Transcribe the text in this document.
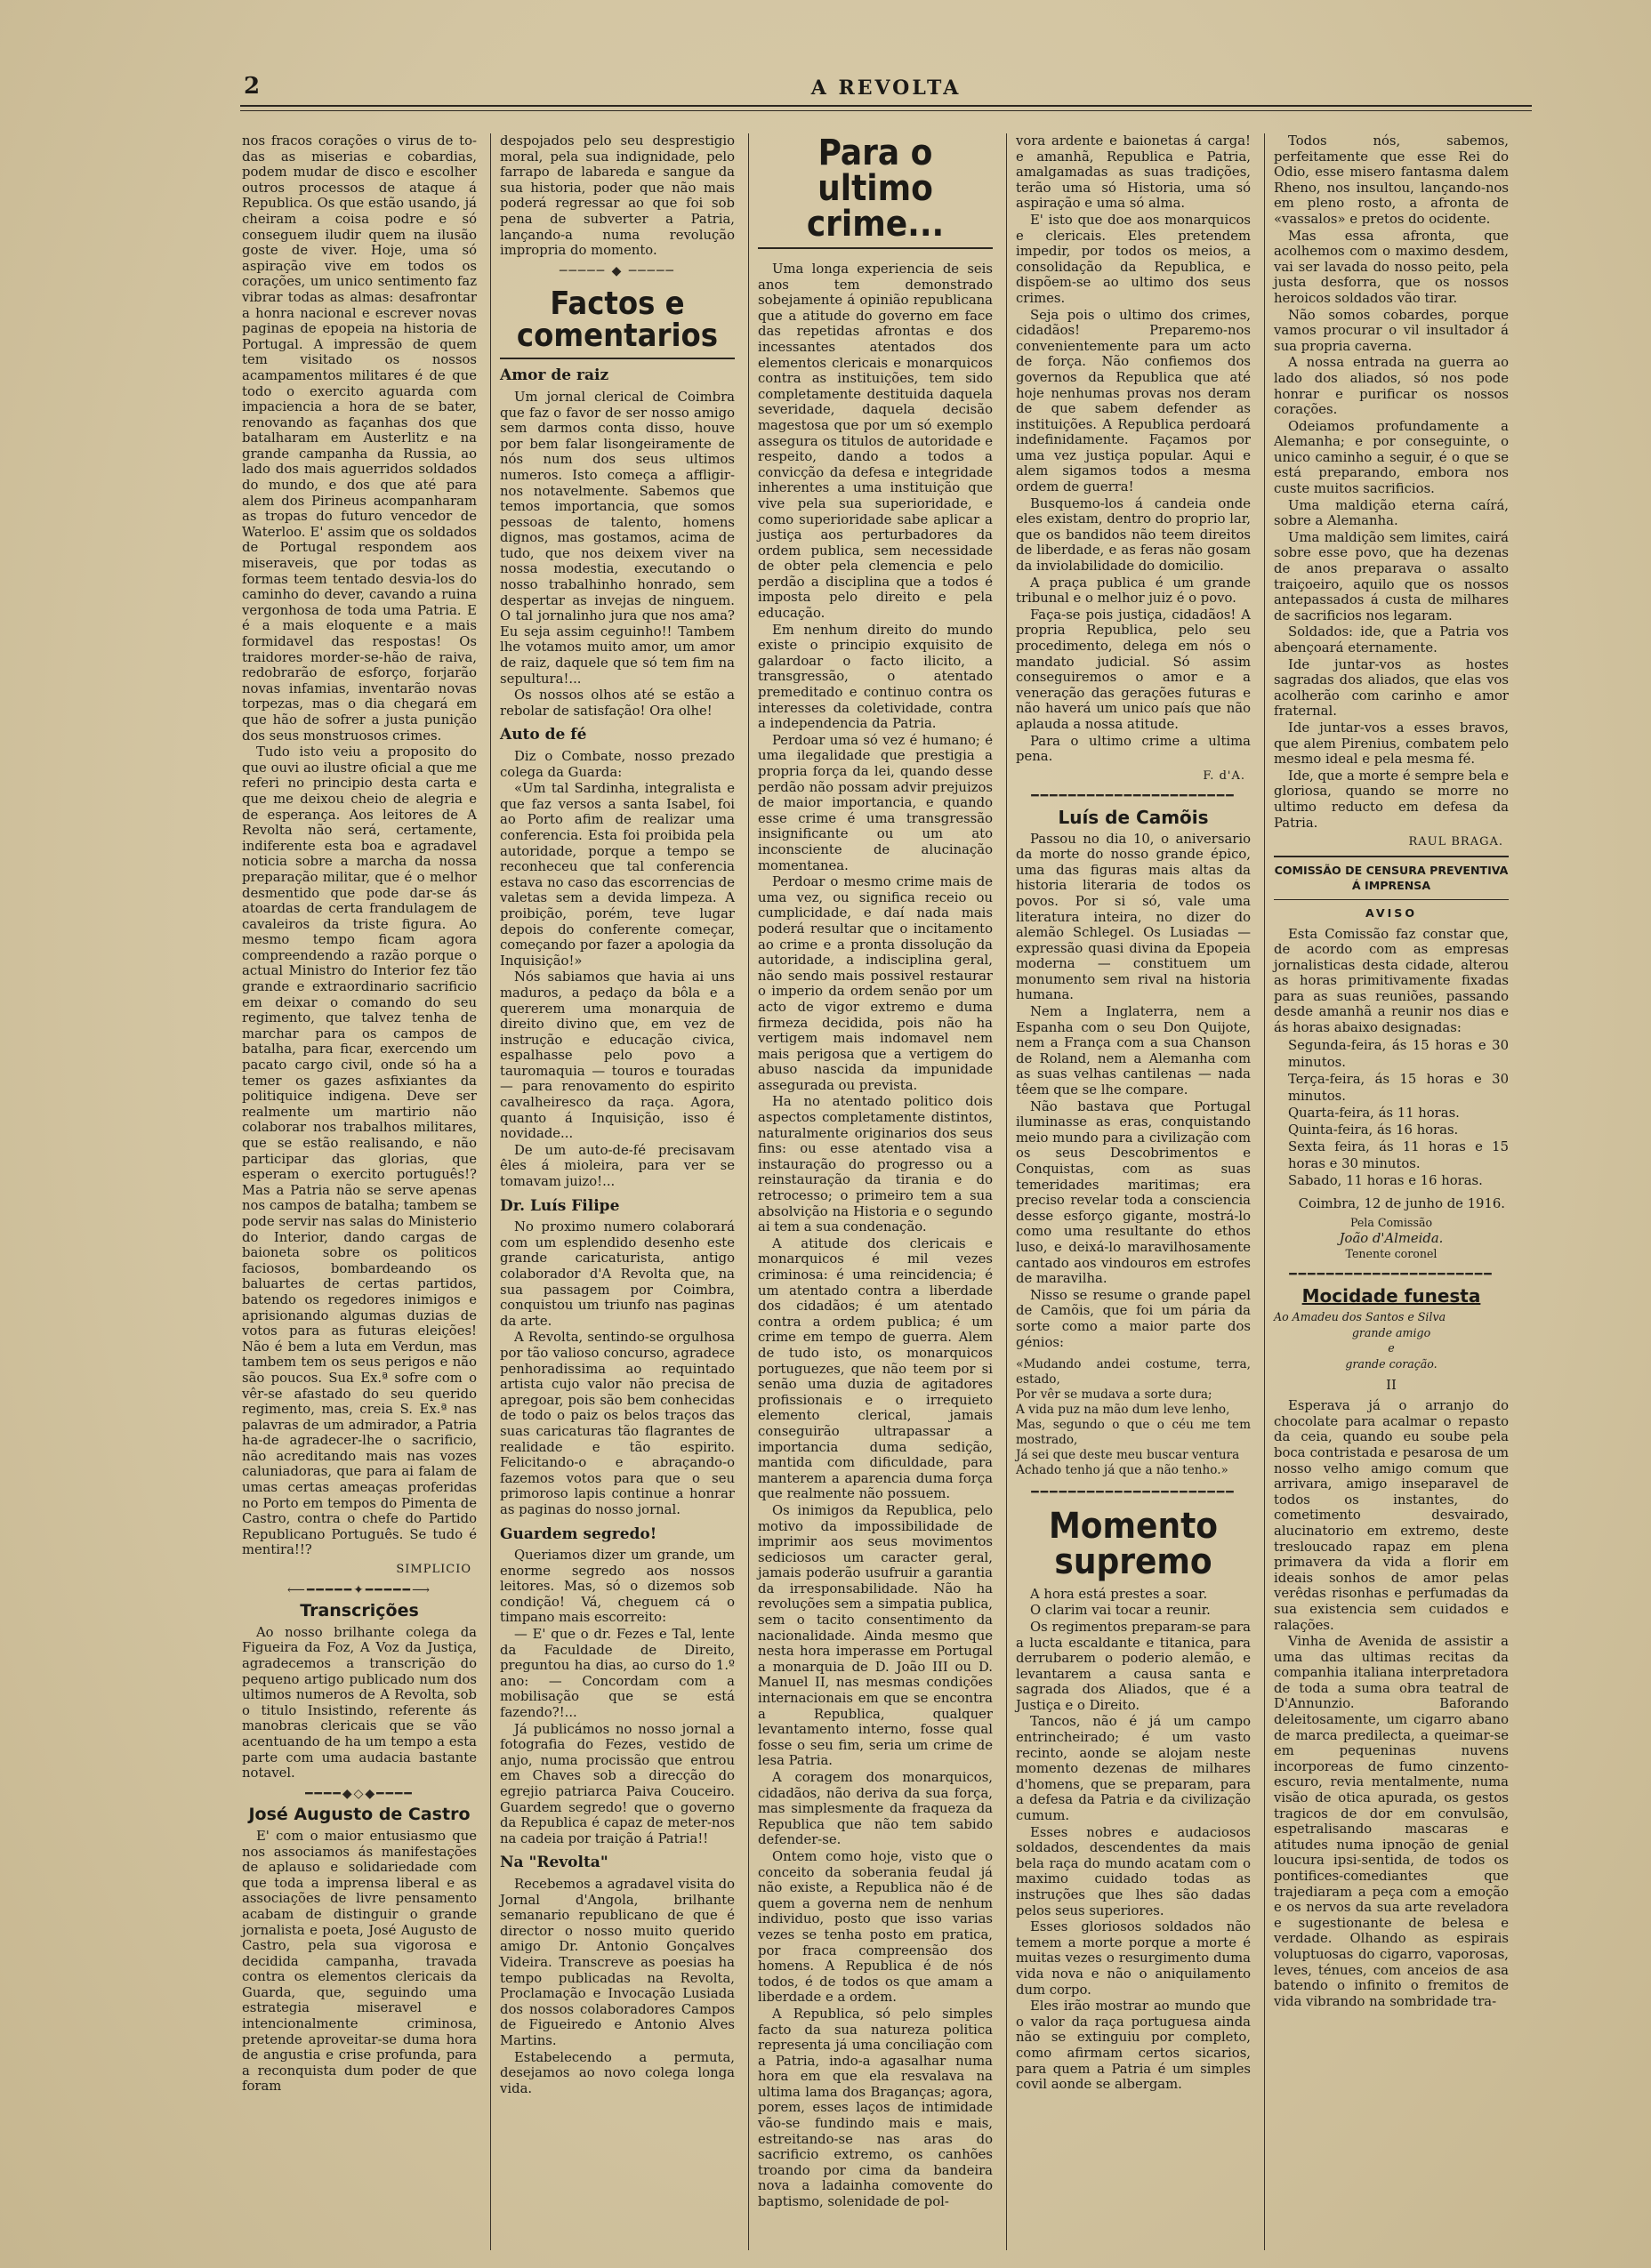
2	A REVOLTA

nos fracos corações o virus de to-das as miserias e cobardias, podem mudar de disco e escolher outros processos de ataque á Republica. Os que estão usando, já cheiram a coisa podre e só conseguem iludir quem na ilusão goste de viver. Hoje, uma só aspiração vive em todos os corações, um unico sentimento faz vibrar todas as almas: desafrontar a honra nacional e escrever novas paginas de epopeia na historia de Portugal. A impressão de quem tem visitado os nossos acampamentos militares é de que todo o exercito aguarda com impaciencia a hora de se bater, renovando as façanhas dos que batalharam em Austerlitz e na grande campanha da Russia, ao lado dos mais aguerridos soldados do mundo, e dos que até para alem dos Pirineus acompanharam as tropas do futuro vencedor de Waterloo. E' assim que os soldados de Portugal respondem aos miseraveis, que por todas as formas teem tentado desvia-los do caminho do dever, cavando a ruina vergonhosa de toda uma Patria. E é a mais eloquente e a mais formidavel das respostas! Os traidores morder-se-hão de raiva, redobrarão de esforço, forjarão novas infamias, inventarão novas torpezas, mas o dia chegará em que hão de sofrer a justa punição dos seus monstruosos crimes.

Tudo isto veiu a proposito do que ouvi ao ilustre oficial a que me referi no principio desta carta e que me deixou cheio de alegria e de esperança. Aos leitores de A Revolta não será, certamente, indiferente esta boa e agradavel noticia sobre a marcha da nossa preparação militar, que é o melhor desmentido que pode dar-se ás atoardas de certa frandulagem de cavaleiros da triste figura. Ao mesmo tempo ficam agora compreendendo a razão porque o actual Ministro do Interior fez tão grande e extraordinario sacrificio em deixar o comando do seu regimento, que talvez tenha de marchar para os campos de batalha, para ficar, exercendo um pacato cargo civil, onde só ha a temer os gazes asfixiantes da politiquice indigena. Deve ser realmente um martirio não colaborar nos trabalhos militares, que se estão realisando, e não participar das glorias, que esperam o exercito português!? Mas a Patria não se serve apenas nos campos de batalha; tambem se pode servir nas salas do Ministerio do Interior, dando cargas de baioneta sobre os politicos faciosos, bombardeando os baluartes de certas partidos, batendo os regedores inimigos e aprisionando algumas duzias de votos para as futuras eleições! Não é bem a luta em Verdun, mas tambem tem os seus perigos e não são poucos. Sua Ex.ª sofre com o vêr-se afastado do seu querido regimento, mas, creia S. Ex.ª nas palavras de um admirador, a Patria ha-de agradecer-lhe o sacrificio, não acreditando mais nas vozes caluniadoras, que para ai falam de umas certas ameaças proferidas no Porto em tempos do Pimenta de Castro, contra o chefe do Partido Republicano Português. Se tudo é mentira!!?

SIMPLICIO
⟵━━━━━✦━━━━━⟶
Transcrições

Ao nosso brilhante colega da Figueira da Foz, A Voz da Justiça, agradecemos a transcrição do pequeno artigo publicado num dos ultimos numeros de A Revolta, sob o titulo Insistindo, referente ás manobras clericais que se vão acentuando de ha um tempo a esta parte com uma audacia bastante notavel.

━━━━◆◇◆━━━━
José Augusto de Castro

E' com o maior entusiasmo que nos associamos ás manifestações de aplauso e solidariedade com que toda a imprensa liberal e as associações de livre pensamento acabam de distinguir o grande jornalista e poeta, José Augusto de Castro, pela sua vigorosa e decidida campanha, travada contra os elementos clericais da Guarda, que, seguindo uma estrategia miseravel e intencionalmente criminosa, pretende aproveitar-se duma hora de angustia e crise profunda, para a reconquista dum poder de que foram

despojados pelo seu desprestigio moral, pela sua indignidade, pelo farrapo de labareda e sangue da sua historia, poder que não mais poderá regressar ao que foi sob pena de subverter a Patria, lançando-a numa revolução impropria do momento.

───── ◆ ─────
Factos e comentarios
Amor de raiz

Um jornal clerical de Coimbra que faz o favor de ser nosso amigo sem darmos conta disso, houve por bem falar lisongeiramente de nós num dos seus ultimos numeros. Isto começa a affligir-nos notavelmente. Sabemos que temos importancia, que somos pessoas de talento, homens dignos, mas gostamos, acima de tudo, que nos deixem viver na nossa modestia, executando o nosso trabalhinho honrado, sem despertar as invejas de ninguem. O tal jornalinho jura que nos ama? Eu seja assim ceguinho!! Tambem lhe votamos muito amor, um amor de raiz, daquele que só tem fim na sepultura!...

Os nossos olhos até se estão a rebolar de satisfação! Ora olhe!

Auto de fé

Diz o Combate, nosso prezado colega da Guarda:

«Um tal Sardinha, integralista e que faz versos a santa Isabel, foi ao Porto afim de realizar uma conferencia. Esta foi proibida pela autoridade, porque a tempo se reconheceu que tal conferencia estava no caso das escorrencias de valetas sem a devida limpeza. A proibição, porém, teve lugar depois do conferente começar, começando por fazer a apologia da Inquisição!»

Nós sabiamos que havia ai uns maduros, a pedaço da bôla e a quererem uma monarquia de direito divino que, em vez de instrução e educação civica, espalhasse pelo povo a tauromaquia — touros e touradas — para renovamento do espirito cavalheiresco da raça. Agora, quanto á Inquisição, isso é novidade...

De um auto-de-fé precisavam êles á mioleira, para ver se tomavam juizo!...

Dr. Luís Filipe

No proximo numero colaborará com um esplendido desenho este grande caricaturista, antigo colaborador d'A Revolta que, na sua passagem por Coimbra, conquistou um triunfo nas paginas da arte.

A Revolta, sentindo-se orgulhosa por tão valioso concurso, agradece penhoradissima ao requintado artista cujo valor não precisa de apregoar, pois são bem conhecidas de todo o paiz os belos traços das suas caricaturas tão flagrantes de realidade e tão espirito. Felicitando-o e abraçando-o fazemos votos para que o seu primoroso lapis continue a honrar as paginas do nosso jornal.

Guardem segredo!

Queriamos dizer um grande, um enorme segredo aos nossos leitores. Mas, só o dizemos sob condição! Vá, cheguem cá o timpano mais escorreito:

— E' que o dr. Fezes e Tal, lente da Faculdade de Direito, preguntou ha dias, ao curso do 1.º ano: — Concordam com a mobilisação que se está fazendo?!...

Já publicámos no nosso jornal a fotografia do Fezes, vestido de anjo, numa procissão que entrou em Chaves sob a direcção do egrejio patriarca Paiva Couceiro. Guardem segredo! que o governo da Republica é capaz de meter-nos na cadeia por traição á Patria!!

Na "Revolta"

Recebemos a agradavel visita do Jornal d'Angola, brilhante semanario republicano de que é director o nosso muito querido amigo Dr. Antonio Gonçalves Videira. Transcreve as poesias ha tempo publicadas na Revolta, Proclamação e Invocação Lusiada dos nossos colaboradores Campos de Figueiredo e Antonio Alves Martins.

Estabelecendo a permuta, desejamos ao novo colega longa vida.

Para o ultimo crime...

Uma longa experiencia de seis anos tem demonstrado sobejamente á opinião republicana que a atitude do governo em face das repetidas afrontas e dos incessantes atentados dos elementos clericais e monarquicos contra as instituições, tem sido completamente destituida daquela severidade, daquela decisão magestosa que por um só exemplo assegura os titulos de autoridade e respeito, dando a todos a convicção da defesa e integridade inherentes a uma instituição que vive pela sua superioridade, e como superioridade sabe aplicar a justiça aos perturbadores da ordem publica, sem necessidade de obter pela clemencia e pelo perdão a disciplina que a todos é imposta pelo direito e pela educação.

Em nenhum direito do mundo existe o principio exquisito de galardoar o facto ilicito, a transgressão, o atentado premeditado e continuo contra os interesses da coletividade, contra a independencia da Patria.

Perdoar uma só vez é humano; é uma ilegalidade que prestigia a propria força da lei, quando desse perdão não possam advir prejuizos de maior importancia, e quando esse crime é uma transgressão insignificante ou um ato inconsciente de alucinação momentanea.

Perdoar o mesmo crime mais de uma vez, ou significa receio ou cumplicidade, e daí nada mais poderá resultar que o incitamento ao crime e a pronta dissolução da autoridade, a indisciplina geral, não sendo mais possivel restaurar o imperio da ordem senão por um acto de vigor extremo e duma firmeza decidida, pois não ha vertigem mais indomavel nem mais perigosa que a vertigem do abuso nascida da impunidade assegurada ou prevista.

Ha no atentado politico dois aspectos completamente distintos, naturalmente originarios dos seus fins: ou esse atentado visa a instauração do progresso ou a reinstauração da tirania e do retrocesso; o primeiro tem a sua absolvição na Historia e o segundo ai tem a sua condenação.

A atitude dos clericais e monarquicos é mil vezes criminosa: é uma reincidencia; é um atentado contra a liberdade dos cidadãos; é um atentado contra a ordem publica; é um crime em tempo de guerra. Alem de tudo isto, os monarquicos portuguezes, que não teem por si senão uma duzia de agitadores profissionais e o irrequieto elemento clerical, jamais conseguirão ultrapassar a importancia duma sedição, mantida com dificuldade, para manterem a aparencia duma força que realmente não possuem.

Os inimigos da Republica, pelo motivo da impossibilidade de imprimir aos seus movimentos sediciosos um caracter geral, jamais poderão usufruir a garantia da irresponsabilidade. Não ha revoluções sem a simpatia publica, sem o tacito consentimento da nacionalidade. Ainda mesmo que nesta hora imperasse em Portugal a monarquia de D. João III ou D. Manuel II, nas mesmas condições internacionais em que se encontra a Republica, qualquer levantamento interno, fosse qual fosse o seu fim, seria um crime de lesa Patria.

A coragem dos monarquicos, cidadãos, não deriva da sua força, mas simplesmente da fraqueza da Republica que não tem sabido defender-se.

Ontem como hoje, visto que o conceito da soberania feudal já não existe, a Republica não é de quem a governa nem de nenhum individuo, posto que isso varias vezes se tenha posto em pratica, por fraca compreensão dos homens. A Republica é de nós todos, é de todos os que amam a liberdade e a ordem.

A Republica, só pelo simples facto da sua natureza politica representa já uma conciliação com a Patria, indo-a agasalhar numa hora em que ela resvalava na ultima lama dos Braganças; agora, porem, esses laços de intimidade vão-se fundindo mais e mais, estreitando-se nas aras do sacrificio extremo, os canhões troando por cima da bandeira nova a ladainha comovente do baptismo, solenidade de pol-

vora ardente e baionetas á carga! e amanhã, Republica e Patria, amalgamadas as suas tradições, terão uma só Historia, uma só aspiração e uma só alma.

E' isto que doe aos monarquicos e clericais. Eles pretendem impedir, por todos os meios, a consolidação da Republica, e dispõem-se ao ultimo dos seus crimes.

Seja pois o ultimo dos crimes, cidadãos! Preparemo-nos convenientemente para um acto de força. Não confiemos dos governos da Republica que até hoje nenhumas provas nos deram de que sabem defender as instituições. A Republica perdoará indefinidamente. Façamos por uma vez justiça popular. Aqui e alem sigamos todos a mesma ordem de guerra!

Busquemo-los á candeia onde eles existam, dentro do proprio lar, que os bandidos não teem direitos de liberdade, e as feras não gosam da inviolabilidade do domicilio.

A praça publica é um grande tribunal e o melhor juiz é o povo.

Faça-se pois justiça, cidadãos! A propria Republica, pelo seu procedimento, delega em nós o mandato judicial. Só assim conseguiremos o amor e a veneração das gerações futuras e não haverá um unico país que não aplauda a nossa atitude.

Para o ultimo crime a ultima pena.

F. d'A.
━━━━━━━━━━━━━━━━━━━━━━
Luís de Camõis

Passou no dia 10, o aniversario da morte do nosso grande épico, uma das figuras mais altas da historia literaria de todos os povos. Por si só, vale uma literatura inteira, no dizer do alemão Schlegel. Os Lusiadas — expressão quasi divina da Epopeia moderna — constituem um monumento sem rival na historia humana.

Nem a Inglaterra, nem a Espanha com o seu Don Quijote, nem a França com a sua Chanson de Roland, nem a Alemanha com as suas velhas cantilenas — nada têem que se lhe compare.

Não bastava que Portugal iluminasse as eras, conquistando meio mundo para a civilização com os seus Descobrimentos e Conquistas, com as suas temeridades maritimas; era preciso revelar toda a consciencia desse esforço gigante, mostrá-lo como uma resultante do ethos luso, e deixá-lo maravilhosamente cantado aos vindouros em estrofes de maravilha.

Nisso se resume o grande papel de Camõis, que foi um pária da sorte como a maior parte dos génios:

«Mudando andei costume, terra, estado,
Por vêr se mudava a sorte dura;
A vida puz na mão dum leve lenho,
Mas, segundo o que o céu me tem mostrado,
Já sei que deste meu buscar ventura
Achado tenho já que a não tenho.»
━━━━━━━━━━━━━━━━━━━━━━
Momento supremo

A hora está prestes a soar.

O clarim vai tocar a reunir.

Os regimentos preparam-se para a lucta escaldante e titanica, para derrubarem o poderio alemão, e levantarem a causa santa e sagrada dos Aliados, que é a Justiça e o Direito.

Tancos, não é já um campo entrincheirado; é um vasto recinto, aonde se alojam neste momento dezenas de milhares d'homens, que se preparam, para a defesa da Patria e da civilização cumum.

Esses nobres e audaciosos soldados, descendentes da mais bela raça do mundo acatam com o maximo cuidado todas as instruções que lhes são dadas pelos seus superiores.

Esses gloriosos soldados não temem a morte porque a morte é muitas vezes o resurgimento duma vida nova e não o aniquilamento dum corpo.

Eles irão mostrar ao mundo que o valor da raça portuguesa ainda não se extinguiu por completo, como afirmam certos sicarios, para quem a Patria é um simples covil aonde se albergam.

Todos nós, sabemos, perfeitamente que esse Rei do Odio, esse misero fantasma dalem Rheno, nos insultou, lançando-nos em pleno rosto, a afronta de «vassalos» e pretos do ocidente.

Mas essa afronta, que acolhemos com o maximo desdem, vai ser lavada do nosso peito, pela justa desforra, que os nossos heroicos soldados vão tirar.

Não somos cobardes, porque vamos procurar o vil insultador á sua propria caverna.

A nossa entrada na guerra ao lado dos aliados, só nos pode honrar e purificar os nossos corações.

Odeiamos profundamente a Alemanha; e por conseguinte, o unico caminho a seguir, é o que se está preparando, embora nos custe muitos sacrificios.

Uma maldição eterna caírá, sobre a Alemanha.

Uma maldição sem limites, cairá sobre esse povo, que ha dezenas de anos preparava o assalto traiçoeiro, aquilo que os nossos antepassados á custa de milhares de sacrificios nos legaram.

Soldados: ide, que a Patria vos abençoará eternamente.

Ide juntar-vos as hostes sagradas dos aliados, que elas vos acolherão com carinho e amor fraternal.

Ide juntar-vos a esses bravos, que alem Pirenius, combatem pelo mesmo ideal e pela mesma fé.

Ide, que a morte é sempre bela e gloriosa, quando se morre no ultimo reducto em defesa da Patria.

RAUL BRAGA.
COMISSÃO DE CENSURA PREVENTIVA Á IMPRENSA
AVISO

Esta Comissão faz constar que, de acordo com as empresas jornalisticas desta cidade, alterou as horas primitivamente fixadas para as suas reuniões, passando desde amanhã a reunir nos dias e ás horas abaixo designadas:

Segunda-feira, ás 15 horas e 30 minutos.
Terça-feira, ás 15 horas e 30 minutos.
Quarta-feira, ás 11 horas.
Quinta-feira, ás 16 horas.
Sexta feira, ás 11 horas e 15 horas e 30 minutos.
Sabado, 11 horas e 16 horas.
Coimbra, 12 de junho de 1916.
Pela Comissão
João d'Almeida.
Tenente coronel
━━━━━━━━━━━━━━━━━━━━━━
Mocidade funesta
Ao Amadeu dos Santos e Silva
grande amigo
e
grande coração.
II

Esperava já o arranjo do chocolate para acalmar o repasto da ceia, quando eu soube pela boca contristada e pesarosa de um nosso velho amigo comum que arrivara, amigo inseparavel de todos os instantes, do cometimento desvairado, alucinatorio em extremo, deste tresloucado rapaz em plena primavera da vida a florir em ideais sonhos de amor pelas verêdas risonhas e perfumadas da sua existencia sem cuidados e ralações.

Vinha de Avenida de assistir a uma das ultimas recitas da companhia italiana interpretadora de toda a suma obra teatral de D'Annunzio. Baforando deleitosamente, um cigarro abano de marca predilecta, a queimar-se em pequeninas nuvens incorporeas de fumo cinzento-escuro, revia mentalmente, numa visão de otica apurada, os gestos tragicos de dor em convulsão, espetralisando mascaras e atitudes numa ipnoção de genial loucura ipsi-sentida, de todos os pontifices-comediantes que trajediaram a peça com a emoção e os nervos da sua arte reveladora e sugestionante de belesa e verdade. Olhando as espirais voluptuosas do cigarro, vaporosas, leves, ténues, com anceios de asa batendo o infinito o fremitos de vida vibrando na sombridade tra-
